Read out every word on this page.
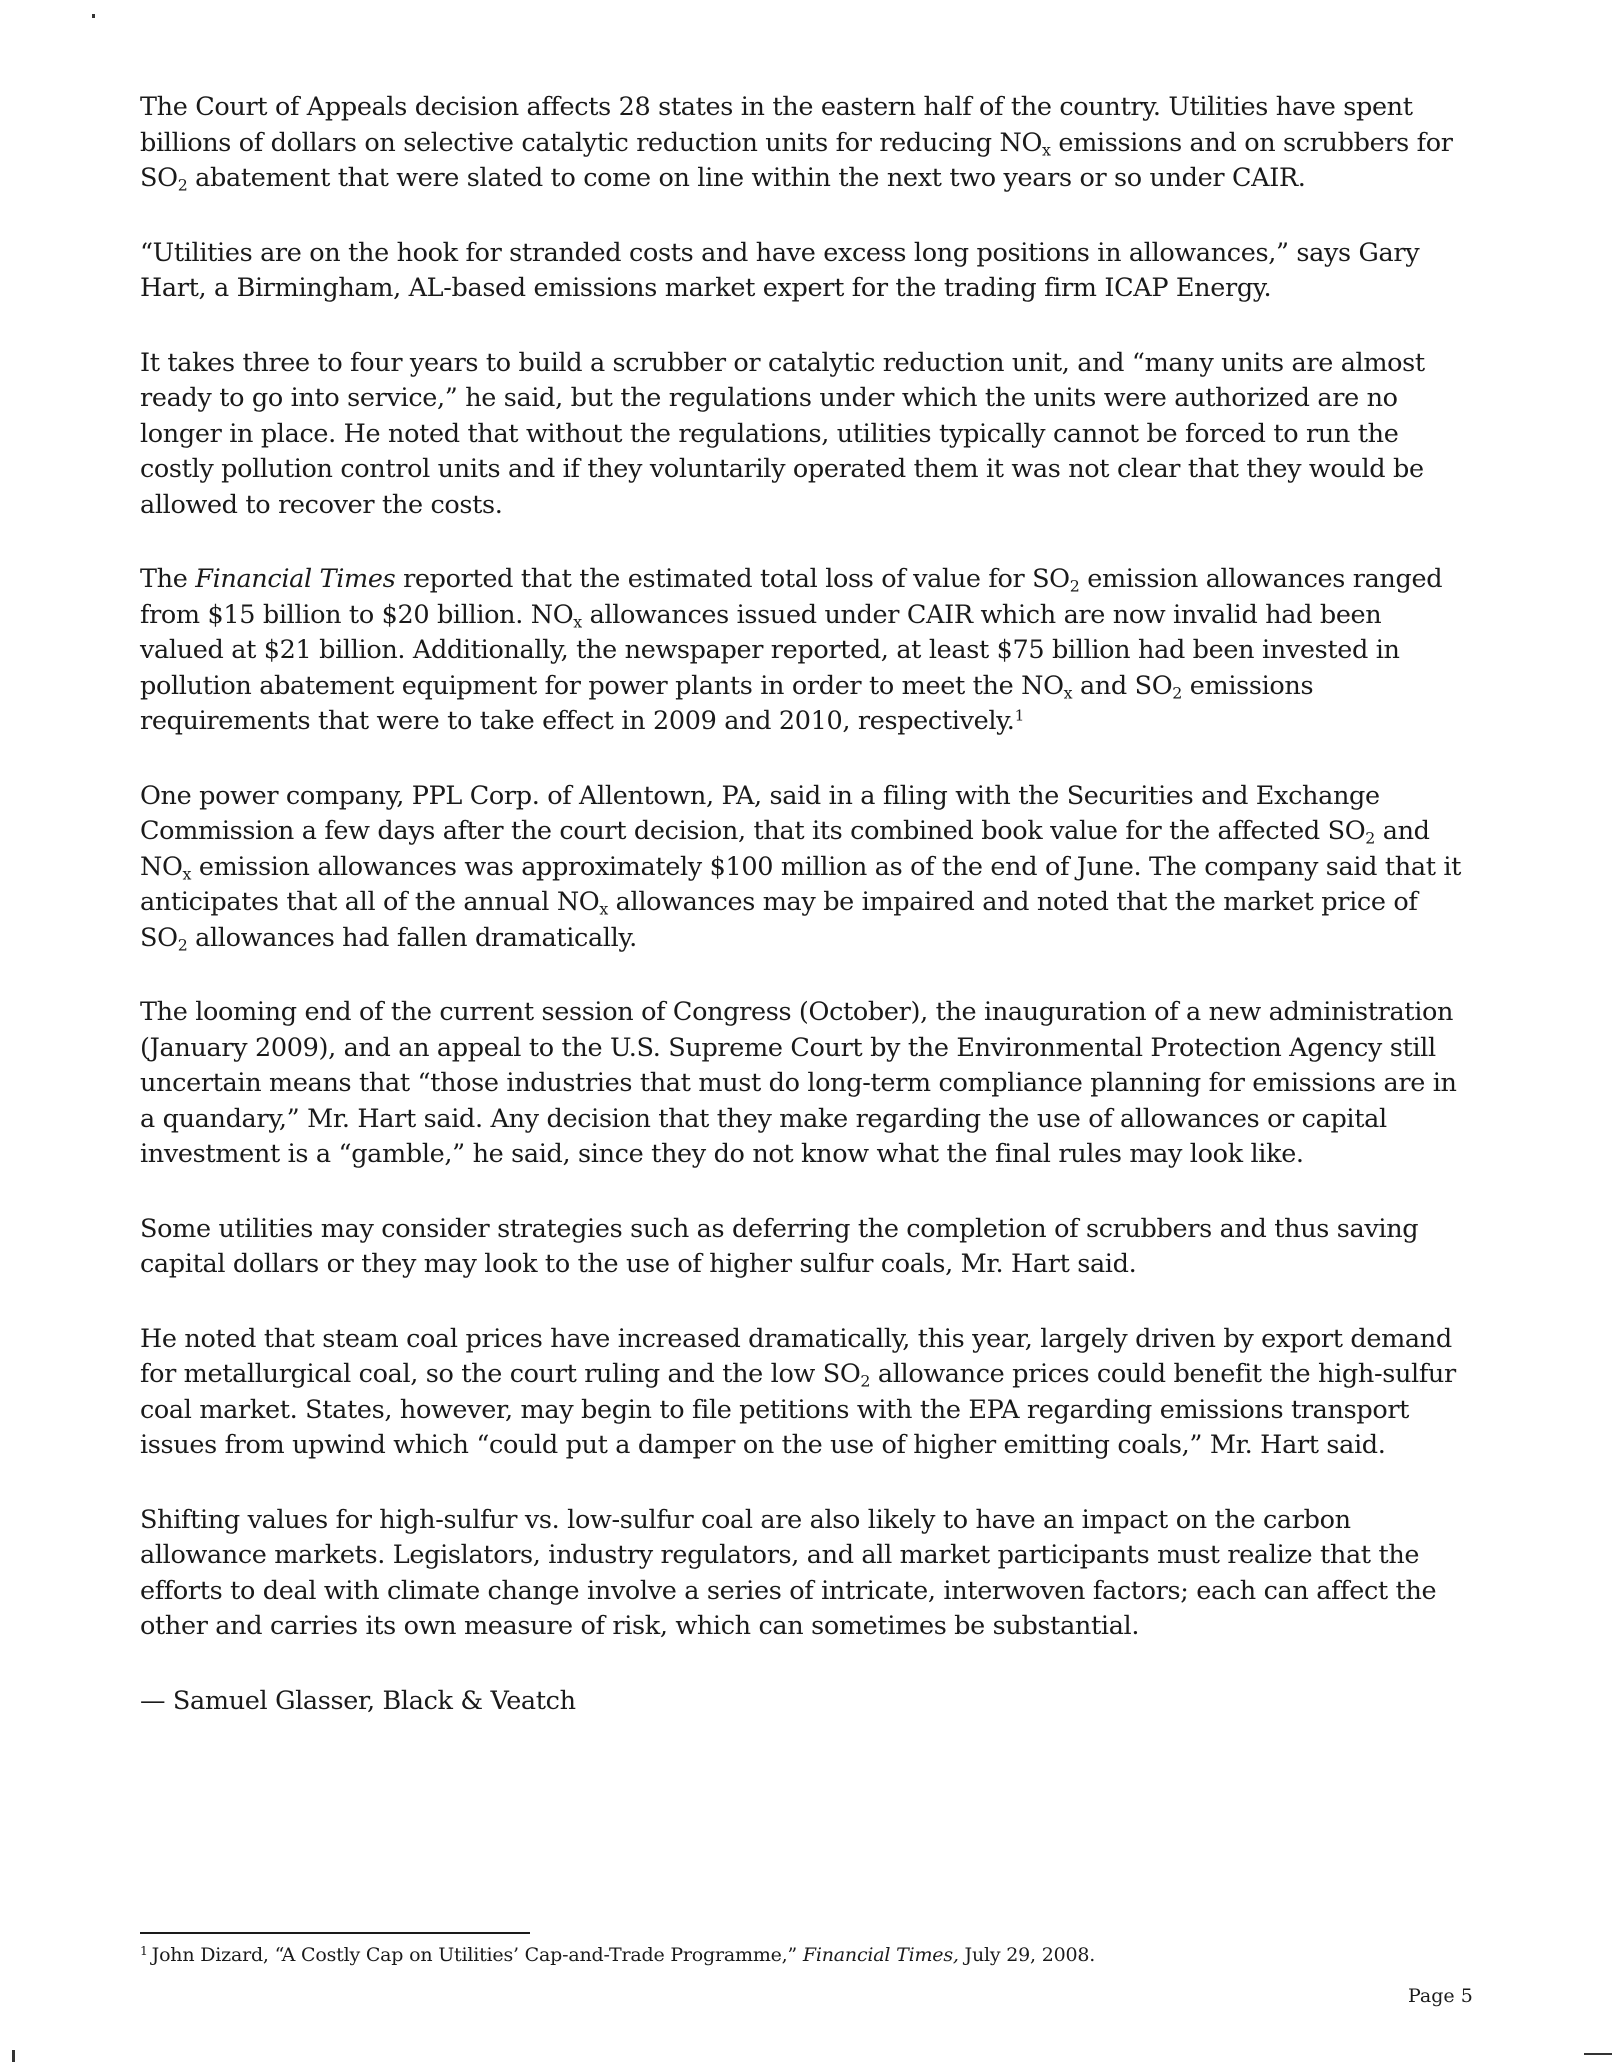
The Court of Appeals decision affects 28 states in the eastern half of the country. Utilities have spent billions of dollars on selective catalytic reduction units for reducing $NO_x$ emissions and on scrubbers for $SO_2$ abatement that were slated to come on line within the next two years or so under CAIR.

“Utilities are on the hook for stranded costs and have excess long positions in allowances,” says Gary Hart, a Birmingham, AL-based emissions market expert for the trading firm ICAP Energy.

It takes three to four years to build a scrubber or catalytic reduction unit, and “many units are almost ready to go into service,” he said, but the regulations under which the units were authorized are no longer in place. He noted that without the regulations, utilities typically cannot be forced to run the costly pollution control units and if they voluntarily operated them it was not clear that they would be allowed to recover the costs.

The Financial Times reported that the estimated total loss of value for $SO_2$ emission allowances ranged from $15 billion to $20 billion. $NO_x$ allowances issued under CAIR which are now invalid had been valued at $21 billion. Additionally, the newspaper reported, at least $75 billion had been invested in pollution abatement equipment for power plants in order to meet the $NO_x$ and $SO_2$ emissions requirements that were to take effect in 2009 and 2010, respectively.$^1$

One power company, PPL Corp. of Allentown, PA, said in a filing with the Securities and Exchange Commission a few days after the court decision, that its combined book value for the affected $SO_2$ and $NO_x$ emission allowances was approximately $100 million as of the end of June. The company said that it anticipates that all of the annual $NO_x$ allowances may be impaired and noted that the market price of $SO_2$ allowances had fallen dramatically.

The looming end of the current session of Congress (October), the inauguration of a new administration (January 2009), and an appeal to the U.S. Supreme Court by the Environmental Protection Agency still uncertain means that “those industries that must do long-term compliance planning for emissions are in a quandary,” Mr. Hart said. Any decision that they make regarding the use of allowances or capital investment is a “gamble,” he said, since they do not know what the final rules may look like.

Some utilities may consider strategies such as deferring the completion of scrubbers and thus saving capital dollars or they may look to the use of higher sulfur coals, Mr. Hart said.

He noted that steam coal prices have increased dramatically, this year, largely driven by export demand for metallurgical coal, so the court ruling and the low $SO_2$ allowance prices could benefit the high-sulfur coal market. States, however, may begin to file petitions with the EPA regarding emissions transport issues from upwind which “could put a damper on the use of higher emitting coals,” Mr. Hart said.

Shifting values for high-sulfur vs. low-sulfur coal are also likely to have an impact on the carbon allowance markets. Legislators, industry regulators, and all market participants must realize that the efforts to deal with climate change involve a series of intricate, interwoven factors; each can affect the other and carries its own measure of risk, which can sometimes be substantial.

— Samuel Glasser, Black & Veatch

$^1$ John Dizard, “A Costly Cap on Utilities’ Cap-and-Trade Programme,” Financial Times, July 29, 2008.

Page 5
